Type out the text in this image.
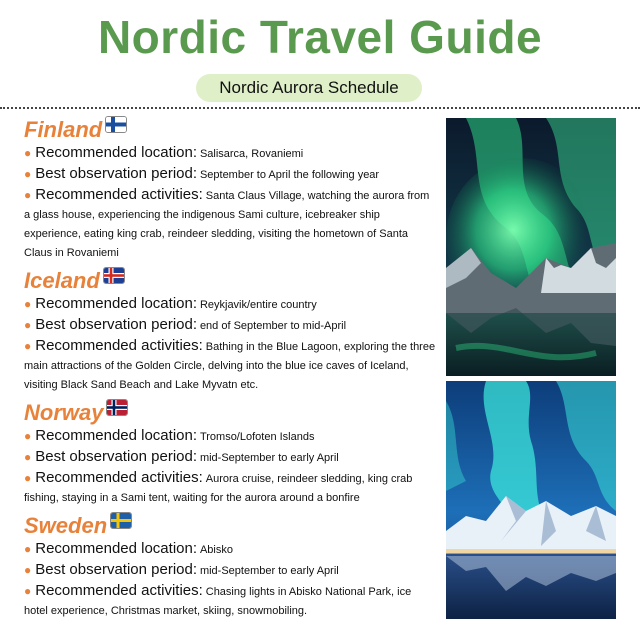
Nordic Travel Guide
Nordic Aurora Schedule
Finland
● Recommended location: Salisarca, Rovaniemi
● Best observation period: September to April the following year
● Recommended activities: Santa Claus Village, watching the aurora from a glass house, experiencing the indigenous Sami culture, icebreaker ship experience, eating king crab, reindeer sledding, visiting the hometown of Santa Claus in Rovaniemi
Iceland
● Recommended location: Reykjavik/entire country
● Best observation period: end of September to mid-April
● Recommended activities: Bathing in the Blue Lagoon, exploring the three main attractions of the Golden Circle, delving into the blue ice caves of Iceland, visiting Black Sand Beach and Lake Myvatn etc.
Norway
● Recommended location: Tromso/Lofoten Islands
● Best observation period: mid-September to early April
● Recommended activities: Aurora cruise, reindeer sledding, king crab fishing, staying in a Sami tent, waiting for the aurora around a bonfire
Sweden
● Recommended location: Abisko
● Best observation period: mid-September to early April
● Recommended activities: Chasing lights in Abisko National Park, ice hotel experience, Christmas market, skiing, snowmobiling.
